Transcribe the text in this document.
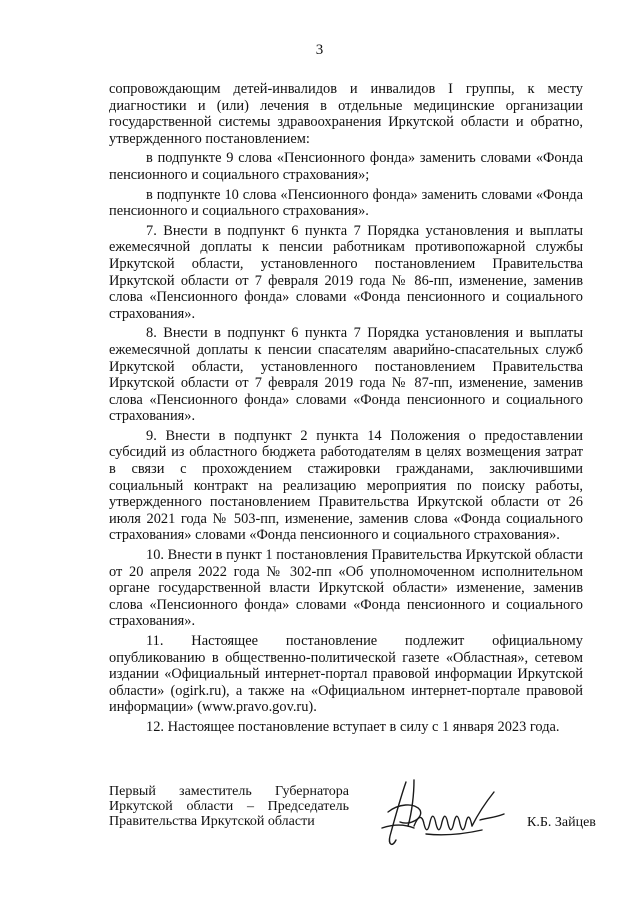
3

сопровождающим детей-инвалидов и инвалидов I группы, к месту диагностики и (или) лечения в отдельные медицинские организации государственной системы здравоохранения Иркутской области и обратно, утвержденного постановлением:

в подпункте 9 слова «Пенсионного фонда» заменить словами «Фонда пенсионного и социального страхования»;

в подпункте 10 слова «Пенсионного фонда» заменить словами «Фонда пенсионного и социального страхования».

7. Внести в подпункт 6 пункта 7 Порядка установления и выплаты ежемесячной доплаты к пенсии работникам противопожарной службы Иркутской области, установленного постановлением Правительства Иркутской области от 7 февраля 2019 года № 86-пп, изменение, заменив слова «Пенсионного фонда» словами «Фонда пенсионного и социального страхования».

8. Внести в подпункт 6 пункта 7 Порядка установления и выплаты ежемесячной доплаты к пенсии спасателям аварийно-спасательных служб Иркутской области, установленного постановлением Правительства Иркутской области от 7 февраля 2019 года № 87-пп, изменение, заменив слова «Пенсионного фонда» словами «Фонда пенсионного и социального страхования».

9. Внести в подпункт 2 пункта 14 Положения о предоставлении субсидий из областного бюджета работодателям в целях возмещения затрат в связи с прохождением стажировки гражданами, заключившими социальный контракт на реализацию мероприятия по поиску работы, утвержденного постановлением Правительства Иркутской области от 26 июля 2021 года № 503-пп, изменение, заменив слова «Фонда социального страхования» словами «Фонда пенсионного и социального страхования».

10. Внести в пункт 1 постановления Правительства Иркутской области от 20 апреля 2022 года № 302-пп «Об уполномоченном исполнительном органе государственной власти Иркутской области» изменение, заменив слова «Пенсионного фонда» словами «Фонда пенсионного и социального страхования».

11. Настоящее постановление подлежит официальному опубликованию в общественно-политической газете «Областная», сетевом издании «Официальный интернет-портал правовой информации Иркутской области» (ogirk.ru), а также на «Официальном интернет-портале правовой информации» (www.pravo.gov.ru).

12. Настоящее постановление вступает в силу с 1 января 2023 года.

Первый заместитель Губернатора
Иркутской области – Председатель
Правительства Иркутской области	К.Б. Зайцев
